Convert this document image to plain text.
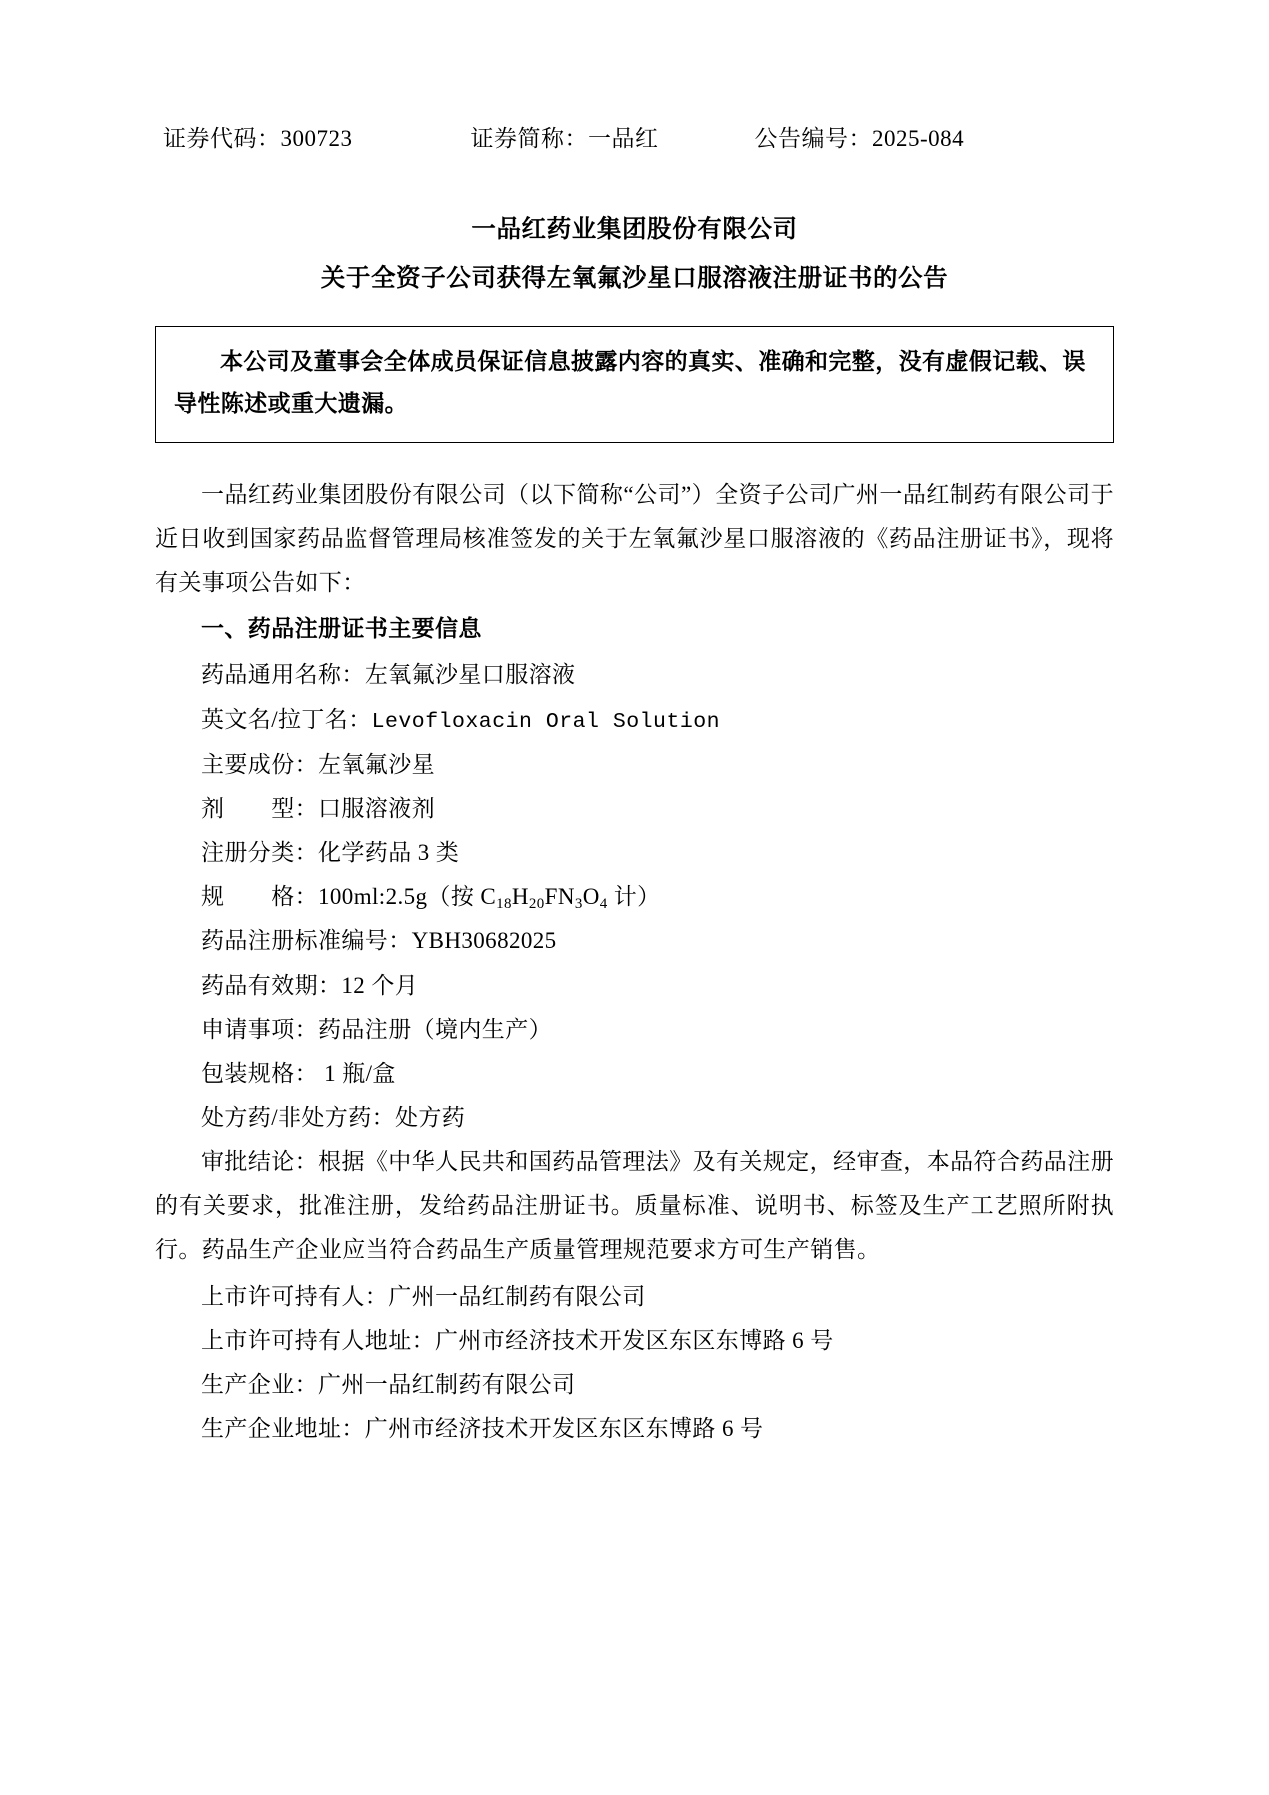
证券代码：300723	证券简称：一品红	公告编号：2025-084
一品红药业集团股份有限公司
关于全资子公司获得左氧氟沙星口服溶液注册证书的公告

本公司及董事会全体成员保证信息披露内容的真实、准确和完整，没有虚假记载、误导性陈述或重大遗漏。

一品红药业集团股份有限公司（以下简称“公司”）全资子公司广州一品红制药有限公司于近日收到国家药品监督管理局核准签发的关于左氧氟沙星口服溶液的《药品注册证书》，现将有关事项公告如下：

一、药品注册证书主要信息

药品通用名称：左氧氟沙星口服溶液

英文名/拉丁名：Levofloxacin Oral Solution

主要成份：左氧氟沙星

剂　　型：口服溶液剂

注册分类：化学药品 3 类

规　　格：100ml:2.5g（按 $C_{18}H_{20}FN_3O_4$ 计）

药品注册标准编号：YBH30682025

药品有效期：12 个月

申请事项：药品注册（境内生产）

包装规格： 1 瓶/盒

处方药/非处方药：处方药

审批结论：根据《中华人民共和国药品管理法》及有关规定，经审查，本品符合药品注册的有关要求，批准注册，发给药品注册证书。质量标准、说明书、标签及生产工艺照所附执行。药品生产企业应当符合药品生产质量管理规范要求方可生产销售。

上市许可持有人：广州一品红制药有限公司

上市许可持有人地址：广州市经济技术开发区东区东博路 6 号

生产企业：广州一品红制药有限公司

生产企业地址：广州市经济技术开发区东区东博路 6 号
